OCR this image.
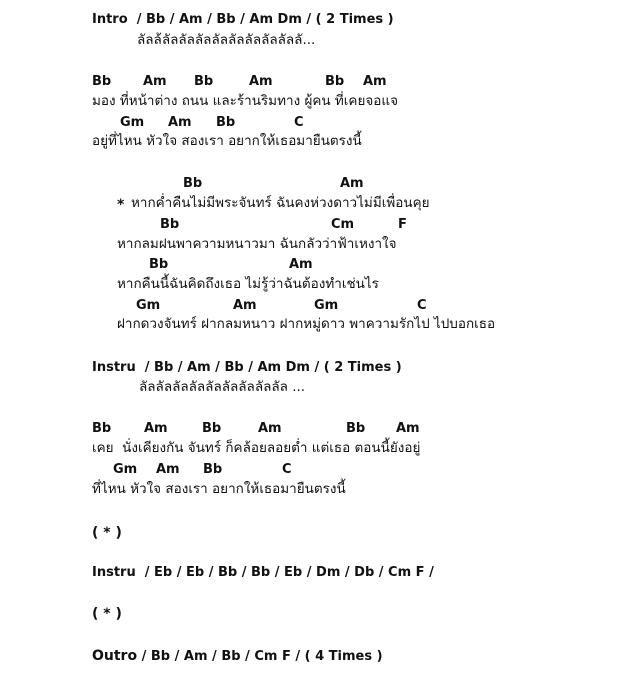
Intro  / Bb / Am / Bb / Am Dm / ( 2 Times )
ลัลล้ลัลลัลลัลลัลลัลลัลลัลลัลลั...
Bb Am Bb	Am	Bb Am
มอง ที่หน้าต่าง ถนน และร้านริมทาง ผู้คน ที่เคยจอแจ
Gm Am Bb	C
อยู่ที่ไหน หัวใจ สองเรา อยากให้เธอมายืนตรงนี้
Bb	Am
* หากค่ำคืนไม่มีพระจันทร์ ฉันคงห่วงดาวไม่มีเพื่อนคุย
Bb	Cm	F
หากลมฝนพาความหนาวมา ฉันกลัวว่าฟ้าเหงาใจ
Bb	Am
หากคืนนี้ฉันคิดถึงเธอ ไม่รู้ว่าฉันต้องทำเช่นไร
Gm	Am	Gm	C
ฝากดวงจันทร์ ฝากลมหนาว ฝากหมู่ดาว พาความรักไป ไปบอกเธอ
Instru  / Bb / Am / Bb / Am Dm / ( 2 Times )
ลัลลัลลัลลัลลัลลัลลัลลัลลัล ...
Bb	Am	Bb	Am	Bb Am
เคย  นั่งเคียงกัน จันทร์ ก็คล้อยลอยต่ำ แต่เธอ ตอนนี้ยังอยู่
Gm Am Bb	C
ที่ไหน หัวใจ สองเรา อยากให้เธอมายืนตรงนี้
( * )
Instru  / Eb / Eb / Bb / Bb / Eb / Dm / Db / Cm F /
( * )
Outro / Bb / Am / Bb / Cm F / ( 4 Times )
